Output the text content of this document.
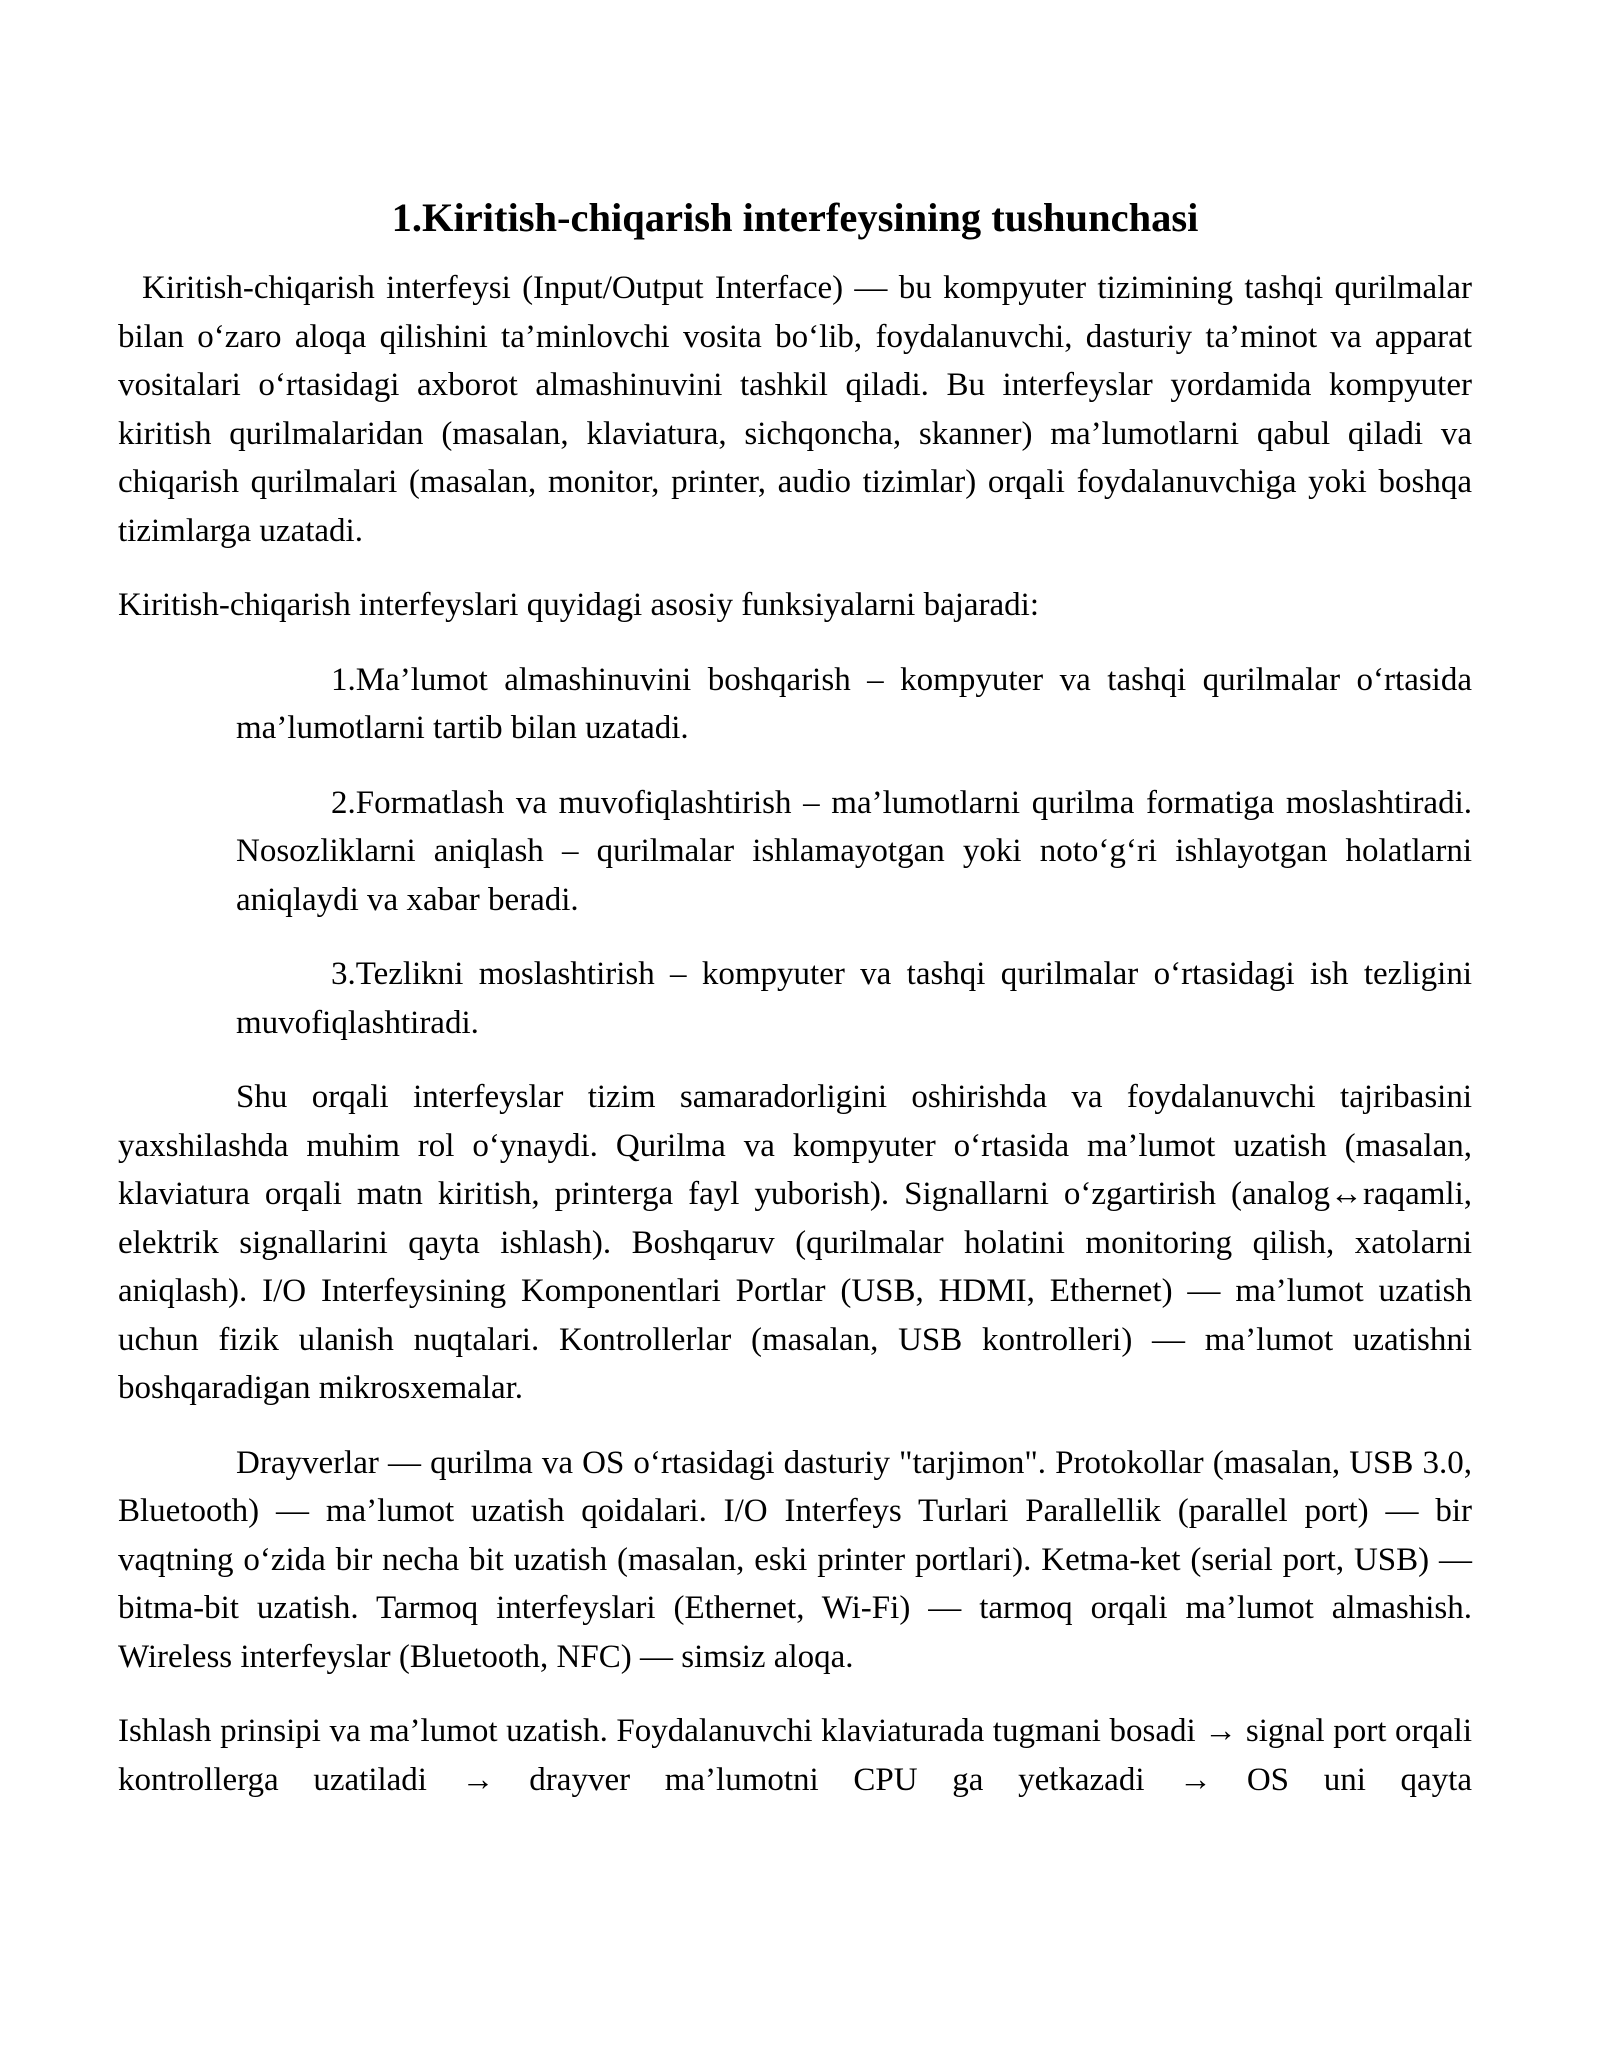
1.Kiritish-chiqarish interfeysining tushunchasi

Kiritish-chiqarish interfeysi (Input/Output Interface) — bu kompyuter tizimining tashqi qurilmalar bilan o‘zaro aloqa qilishini ta’minlovchi vosita bo‘lib, foydalanuvchi, dasturiy ta’minot va apparat vositalari o‘rtasidagi axborot almashinuvini tashkil qiladi. Bu interfeyslar yordamida kompyuter kiritish qurilmalaridan (masalan, klaviatura, sichqoncha, skanner) ma’lumotlarni qabul qiladi va chiqarish qurilmalari (masalan, monitor, printer, audio tizimlar) orqali foydalanuvchiga yoki boshqa tizimlarga uzatadi.

Kiritish-chiqarish interfeyslari quyidagi asosiy funksiyalarni bajaradi:

1.Ma’lumot almashinuvini boshqarish – kompyuter va tashqi qurilmalar o‘rtasida ma’lumotlarni tartib bilan uzatadi.

2.Formatlash va muvofiqlashtirish – ma’lumotlarni qurilma formatiga moslashtiradi. Nosozliklarni aniqlash – qurilmalar ishlamayotgan yoki noto‘g‘ri ishlayotgan holatlarni aniqlaydi va xabar beradi.

3.Tezlikni moslashtirish – kompyuter va tashqi qurilmalar o‘rtasidagi ish tezligini muvofiqlashtiradi.

Shu orqali interfeyslar tizim samaradorligini oshirishda va foydalanuvchi tajribasini yaxshilashda muhim rol o‘ynaydi. Qurilma va kompyuter o‘rtasida ma’lumot uzatish (masalan, klaviatura orqali matn kiritish, printerga fayl yuborish). Signallarni o‘zgartirish (analog↔raqamli, elektrik signallarini qayta ishlash). Boshqaruv (qurilmalar holatini monitoring qilish, xatolarni aniqlash). I/O Interfeysining Komponentlari Portlar (USB, HDMI, Ethernet) — ma’lumot uzatish uchun fizik ulanish nuqtalari. Kontrollerlar (masalan, USB kontrolleri) — ma’lumot uzatishni boshqaradigan mikrosxemalar.

Drayverlar — qurilma va OS o‘rtasidagi dasturiy "tarjimon". Protokollar (masalan, USB 3.0, Bluetooth) — ma’lumot uzatish qoidalari. I/O Interfeys Turlari Parallellik (parallel port) — bir vaqtning o‘zida bir necha bit uzatish (masalan, eski printer portlari). Ketma-ket (serial port, USB) — bitma-bit uzatish. Tarmoq interfeyslari (Ethernet, Wi-Fi) — tarmoq orqali ma’lumot almashish. Wireless interfeyslar (Bluetooth, NFC) — simsiz aloqa.

Ishlash prinsipi va ma’lumot uzatish. Foydalanuvchi klaviaturada tugmani bosadi → signal port orqali kontrollerga uzatiladi → drayver ma’lumotni CPU ga yetkazadi → OS uni qayta
